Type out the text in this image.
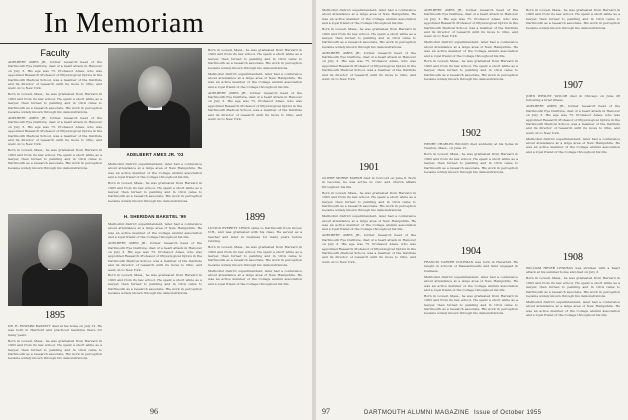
In Memoriam
Faculty

ADELBERT AMES JR., former research head of the Dartmouth Eye Institute, died of a heart attack in Hanover on July 3. His age was 75. Professor Ames, who was appointed Research Professor of Physiological Optics in the Dartmouth Medical School, was a member of the Institute and its director of research until its move to Ohio, and went on to New York.

Born in Lowell, Mass., he was graduated from Harvard in 1903 and from its law school. He spent a short while as a lawyer, then turned to painting and in 1914 came to Dartmouth as a research associate. His work in perception became widely known through his demonstrations.

ADELBERT AMES JR., former research head of the Dartmouth Eye Institute, died of a heart attack in Hanover on July 3. His age was 75. Professor Ames, who was appointed Research Professor of Physiological Optics in the Dartmouth Medical School, was a member of the Institute and its director of research until its move to Ohio, and went on to New York.

Born in Lowell, Mass., he was graduated from Harvard in 1903 and from its law school. He spent a short while as a lawyer, then turned to painting and in 1914 came to Dartmouth as a research associate. His work in perception became widely known through his demonstrations.

ADELBERT AMES JR. '03

Methodist district superintendent, later had a conference about attendance at a large area of New Hampshire. He was an active member of the College alumni association and a loyal friend of the College throughout his life.

Born in Lowell, Mass., he was graduated from Harvard in 1903 and from its law school. He spent a short while as a lawyer, then turned to painting and in 1914 came to Dartmouth as a research associate. His work in perception became widely known through his demonstrations.

Born in Lowell, Mass., he was graduated from Harvard in 1903 and from its law school. He spent a short while as a lawyer, then turned to painting and in 1914 came to Dartmouth as a research associate. His work in perception became widely known through his demonstrations.

Methodist district superintendent, later had a conference about attendance at a large area of New Hampshire. He was an active member of the College alumni association and a loyal friend of the College throughout his life.

ADELBERT AMES JR., former research head of the Dartmouth Eye Institute, died of a heart attack in Hanover on July 3. His age was 75. Professor Ames, who was appointed Research Professor of Physiological Optics in the Dartmouth Medical School, was a member of the Institute and its director of research until its move to Ohio, and went on to New York.

1895

DR. H. EDWARD BASSETT died at his home on July 12. He was born in Hartford and practiced medicine there for many years.

Born in Lowell, Mass., he was graduated from Harvard in 1903 and from its law school. He spent a short while as a lawyer, then turned to painting and in 1914 came to Dartmouth as a research associate. His work in perception became widely known through his demonstrations.

H. SHERIDAN BAKETEL '99

Methodist district superintendent, later had a conference about attendance at a large area of New Hampshire. He was an active member of the College alumni association and a loyal friend of the College throughout his life.

ADELBERT AMES JR., former research head of the Dartmouth Eye Institute, died of a heart attack in Hanover on July 3. His age was 75. Professor Ames, who was appointed Research Professor of Physiological Optics in the Dartmouth Medical School, was a member of the Institute and its director of research until its move to Ohio, and went on to New York.

Born in Lowell, Mass., he was graduated from Harvard in 1903 and from its law school. He spent a short while as a lawyer, then turned to painting and in 1914 came to Dartmouth as a research associate. His work in perception became widely known through his demonstrations.

1899

LUCIUS EVERETT LEWIS came to Dartmouth from Dover, N.H., and was graduated with his class. He served as a teacher and later in business for many years before retiring.

Born in Lowell, Mass., he was graduated from Harvard in 1903 and from its law school. He spent a short while as a lawyer, then turned to painting and in 1914 came to Dartmouth as a research associate. His work in perception became widely known through his demonstrations.

Methodist district superintendent, later had a conference about attendance at a large area of New Hampshire. He was an active member of the College alumni association and a loyal friend of the College throughout his life.

96

Methodist district superintendent, later had a conference about attendance at a large area of New Hampshire. He was an active member of the College alumni association and a loyal friend of the College throughout his life.

Born in Lowell, Mass., he was graduated from Harvard in 1903 and from its law school. He spent a short while as a lawyer, then turned to painting and in 1914 came to Dartmouth as a research associate. His work in perception became widely known through his demonstrations.

ADELBERT AMES JR., former research head of the Dartmouth Eye Institute, died of a heart attack in Hanover on July 3. His age was 75. Professor Ames, who was appointed Research Professor of Physiological Optics in the Dartmouth Medical School, was a member of the Institute and its director of research until its move to Ohio, and went on to New York.

1901

OLIVER MORSE MARSH died in Concord on June 8. Born in Laconia, he was active in civic and church affairs throughout his life.

Born in Lowell, Mass., he was graduated from Harvard in 1903 and from its law school. He spent a short while as a lawyer, then turned to painting and in 1914 came to Dartmouth as a research associate. His work in perception became widely known through his demonstrations.

Methodist district superintendent, later had a conference about attendance at a large area of New Hampshire. He was an active member of the College alumni association and a loyal friend of the College throughout his life.

ADELBERT AMES JR., former research head of the Dartmouth Eye Institute, died of a heart attack in Hanover on July 3. His age was 75. Professor Ames, who was appointed Research Professor of Physiological Optics in the Dartmouth Medical School, was a member of the Institute and its director of research until its move to Ohio, and went on to New York.

ADELBERT AMES JR., former research head of the Dartmouth Eye Institute, died of a heart attack in Hanover on July 3. His age was 75. Professor Ames, who was appointed Research Professor of Physiological Optics in the Dartmouth Medical School, was a member of the Institute and its director of research until its move to Ohio, and went on to New York.

Methodist district superintendent, later had a conference about attendance at a large area of New Hampshire. He was an active member of the College alumni association and a loyal friend of the College throughout his life.

Born in Lowell, Mass., he was graduated from Harvard in 1903 and from its law school. He spent a short while as a lawyer, then turned to painting and in 1914 came to Dartmouth as a research associate. His work in perception became widely known through his demonstrations.

1902

HENRY CHARLES WILSON died suddenly at his home in Newton, Mass., on June 15.

Born in Lowell, Mass., he was graduated from Harvard in 1903 and from its law school. He spent a short while as a lawyer, then turned to painting and in 1914 came to Dartmouth as a research associate. His work in perception became widely known through his demonstrations.

1904

FRANCIS CARVER COLEMAN was born in Haverhill. He taught in schools of Massachusetts and later engaged in business.

Methodist district superintendent, later had a conference about attendance at a large area of New Hampshire. He was an active member of the College alumni association and a loyal friend of the College throughout his life.

Born in Lowell, Mass., he was graduated from Harvard in 1903 and from its law school. He spent a short while as a lawyer, then turned to painting and in 1914 came to Dartmouth as a research associate. His work in perception became widely known through his demonstrations.

Born in Lowell, Mass., he was graduated from Harvard in 1903 and from its law school. He spent a short while as a lawyer, then turned to painting and in 1914 came to Dartmouth as a research associate. His work in perception became widely known through his demonstrations.

1907

JOHN WESLEY TAYLOR died in Chicago on June 28 following a brief illness.

ADELBERT AMES JR., former research head of the Dartmouth Eye Institute, died of a heart attack in Hanover on July 3. His age was 75. Professor Ames, who was appointed Research Professor of Physiological Optics in the Dartmouth Medical School, was a member of the Institute and its director of research until its move to Ohio, and went on to New York.

Methodist district superintendent, later had a conference about attendance at a large area of New Hampshire. He was an active member of the College alumni association and a loyal friend of the College throughout his life.

1908

WILLIAM HEYER LENIHAN was stricken with a heart attack at his summer home and died on July 3.

Born in Lowell, Mass., he was graduated from Harvard in 1903 and from its law school. He spent a short while as a lawyer, then turned to painting and in 1914 came to Dartmouth as a research associate. His work in perception became widely known through his demonstrations.

Methodist district superintendent, later had a conference about attendance at a large area of New Hampshire. He was an active member of the College alumni association and a loyal friend of the College throughout his life.

DARTMOUTH ALUMNI MAGAZINE Issue of October 1955
97
